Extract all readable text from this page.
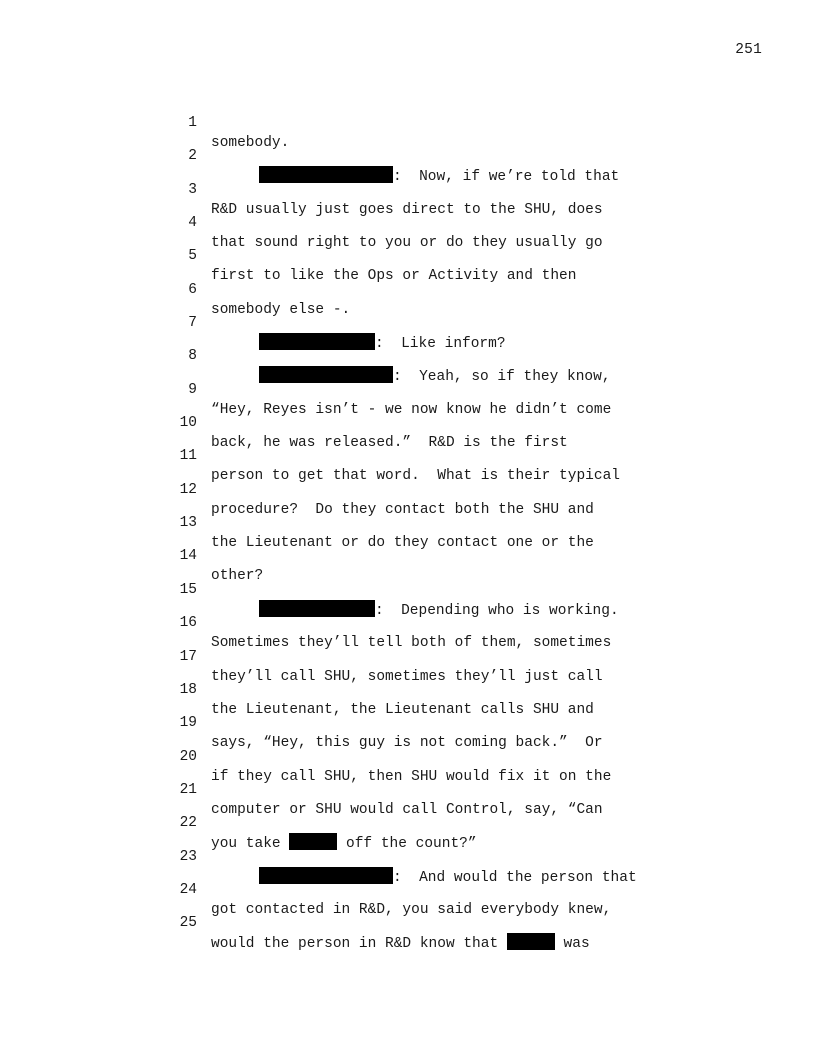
251

1

somebody.

2

:  Now, if we’re told that

3

R&D usually just goes direct to the SHU, does

4

that sound right to you or do they usually go

5

first to like the Ops or Activity and then

6

somebody else -.

7

:  Like inform?

8

:  Yeah, so if they know,

9

“Hey, Reyes isn’t - we now know he didn’t come

10

back, he was released.”  R&D is the first

11

person to get that word.  What is their typical

12

procedure?  Do they contact both the SHU and

13

the Lieutenant or do they contact one or the

14

other?

15

:  Depending who is working.

16

Sometimes they’ll tell both of them, sometimes

17

they’ll call SHU, sometimes they’ll just call

18

the Lieutenant, the Lieutenant calls SHU and

19

says, “Hey, this guy is not coming back.”  Or

20

if they call SHU, then SHU would fix it on the

21

computer or SHU would call Control, say, “Can

22

you take	off the count?”

23

:  And would the person that

24

got contacted in R&D, you said everybody knew,

25

would the person in R&D know that	was
